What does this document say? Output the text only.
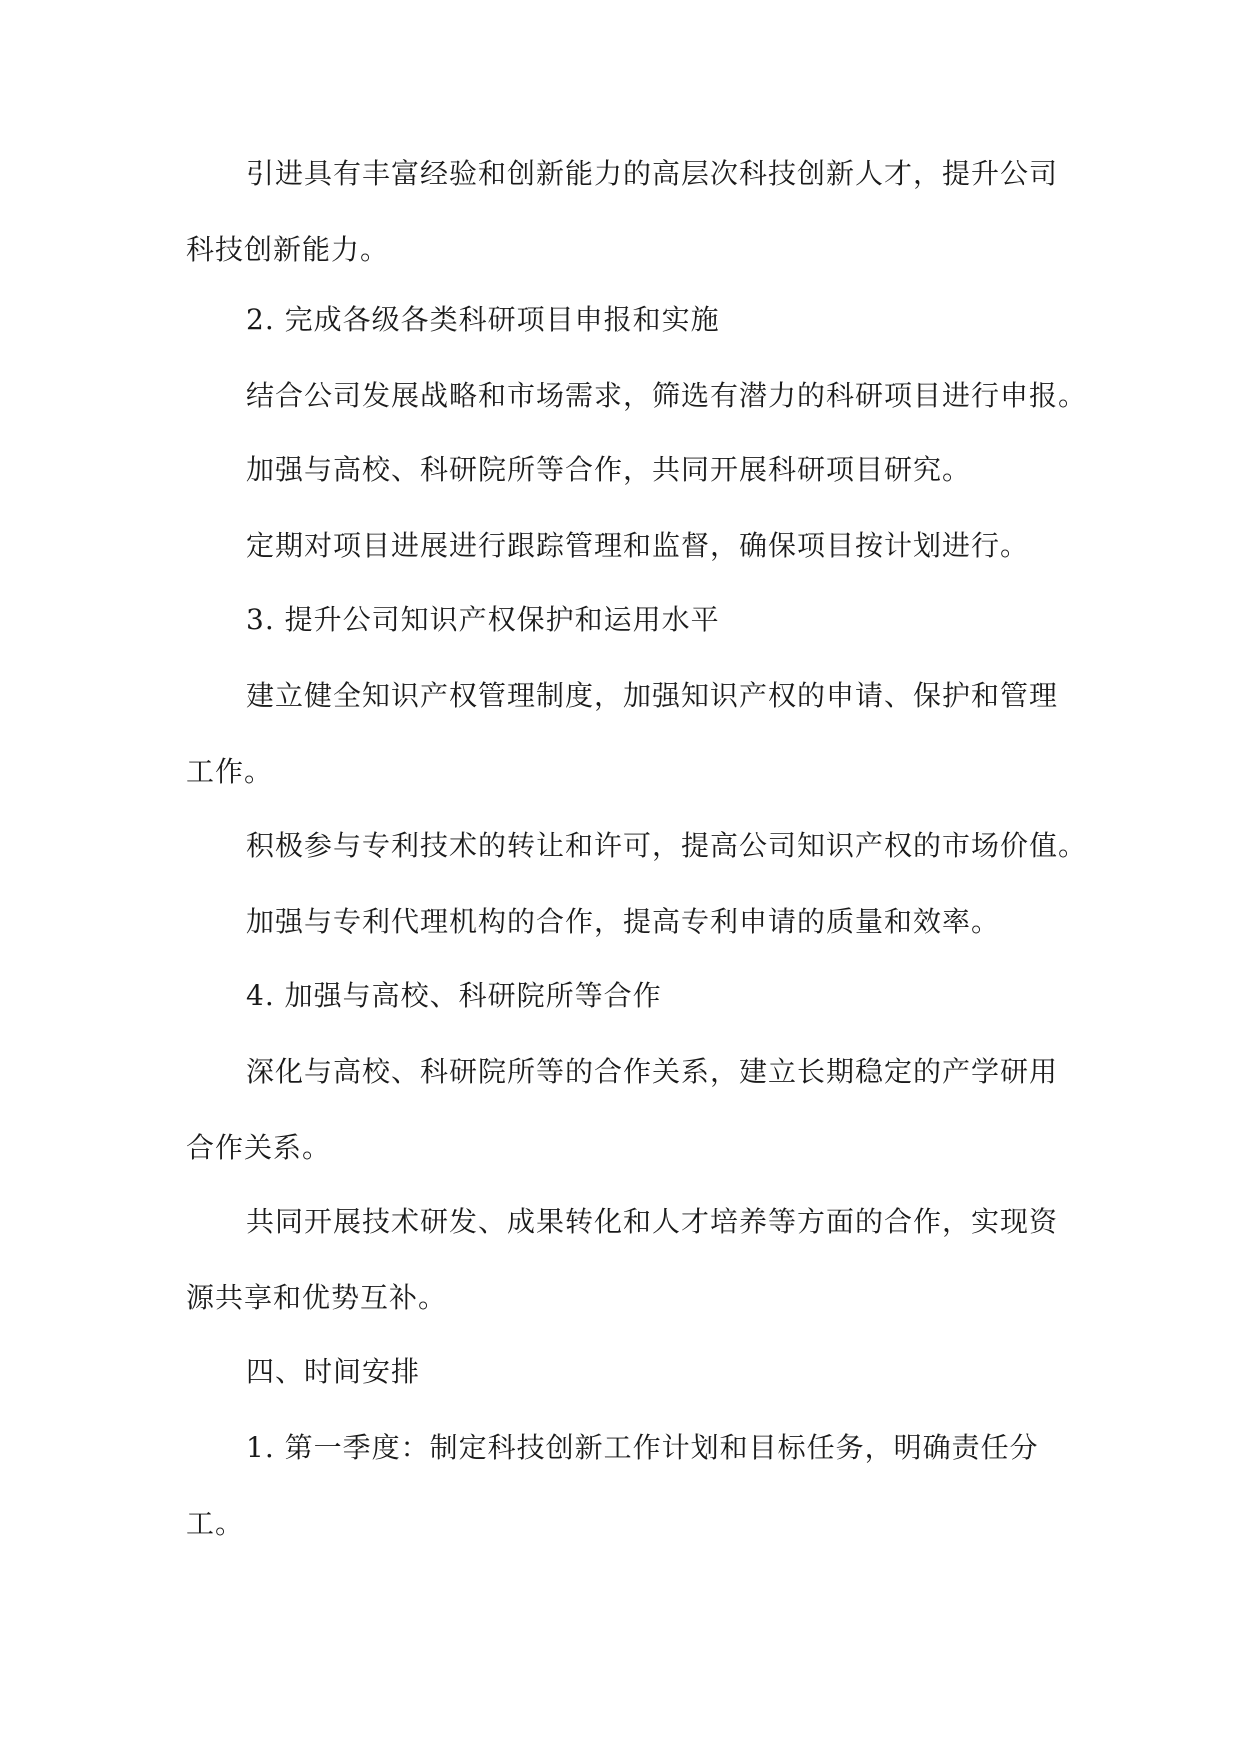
引进具有丰富经验和创新能力的高层次科技创新人才，提升公司
科技创新能力。
2. 完成各级各类科研项目申报和实施
结合公司发展战略和市场需求，筛选有潜力的科研项目进行申报。
加强与高校、科研院所等合作，共同开展科研项目研究。
定期对项目进展进行跟踪管理和监督，确保项目按计划进行。
3. 提升公司知识产权保护和运用水平
建立健全知识产权管理制度，加强知识产权的申请、保护和管理
工作。
积极参与专利技术的转让和许可，提高公司知识产权的市场价值。
加强与专利代理机构的合作，提高专利申请的质量和效率。
4. 加强与高校、科研院所等合作
深化与高校、科研院所等的合作关系，建立长期稳定的产学研用
合作关系。
共同开展技术研发、成果转化和人才培养等方面的合作，实现资
源共享和优势互补。
四、时间安排
1. 第一季度：制定科技创新工作计划和目标任务，明确责任分
工。
